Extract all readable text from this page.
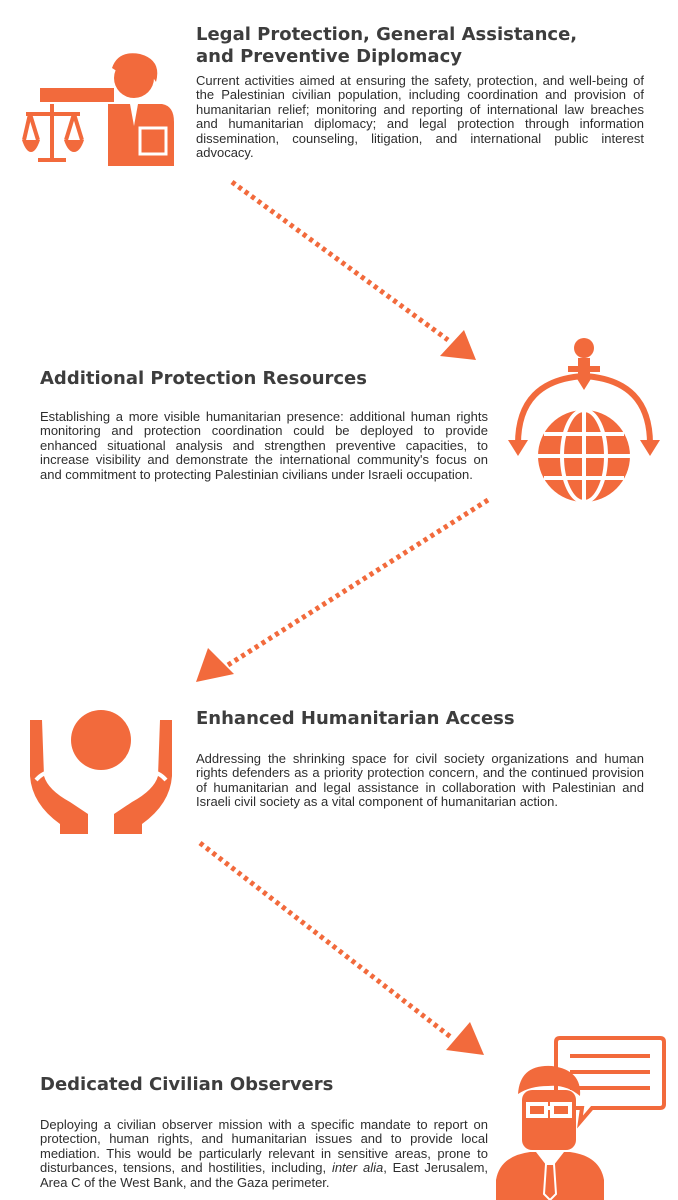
Legal Protection, General Assistance,
and Preventive Diplomacy

Current activities aimed at ensuring the safety, protection, and well-being of the Palestinian civilian population, including coordination and provision of humanitarian relief; monitoring and reporting of international law breaches and humanitarian diplomacy; and legal protection through information dissemination, counseling, litigation, and international public interest advocacy.

Additional Protection Resources

Establishing a more visible humanitarian presence: additional human rights monitoring and protection coordination could be deployed to provide enhanced situational analysis and strengthen preventive capacities, to increase visibility and demonstrate the international community's focus on and commitment to protecting Palestinian civilians under Israeli occupation.

Enhanced Humanitarian Access

Addressing the shrinking space for civil society organizations and human rights defenders as a priority protection concern, and the continued provision of humanitarian and legal assistance in collaboration with Palestinian and Israeli civil society as a vital component of humanitarian action.

Dedicated Civilian Observers

Deploying a civilian observer mission with a specific mandate to report on protection, human rights, and humanitarian issues and to provide local mediation. This would be particularly relevant in sensitive areas, prone to disturbances, tensions, and hostilities, including, inter alia, East Jerusalem, Area C of the West Bank, and the Gaza perimeter.
